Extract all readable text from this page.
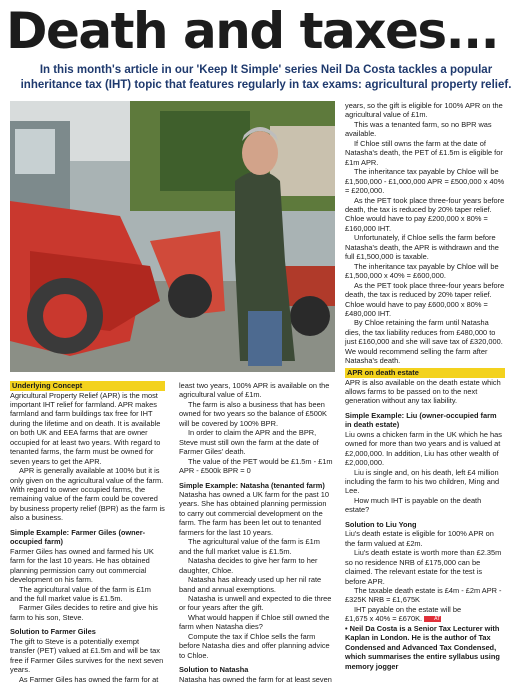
Death and taxes...
In this month's article in our 'Keep It Simple' series Neil Da Costa tackles a popular inheritance tax (IHT) topic that features regularly in tax exams: agricultural property relief.
Underlying Concept

Agricultural Property Relief (APR) is the most important IHT relief for farmland. APR makes farmland and farm buildings tax free for IHT during the lifetime and on death. It is available on both UK and EEA farms that are owner occupied for at least two years. With regard to tenanted farms, the farm must be owned for seven years to get the APR.

APR is generally available at 100% but it is only given on the agricultural value of the farm. With regard to owner occupied farms, the remaining value of the farm could be covered by business property relief (BPR) as the farm is also a business.

Simple Example: Farmer Giles (owner-occupied farm)

Farmer Giles has owned and farmed his UK farm for the last 10 years. He has obtained planning permission carry out commercial development on his farm.

The agricultural value of the farm is £1m and the full market value is £1.5m.

Farmer Giles decides to retire and give his farm to his son, Steve.

Solution to Farmer Giles

The gift to Steve is a potentially exempt transfer (PET) valued at £1.5m and will be tax free if Farmer Giles survives for the next seven years.

As Farmer Giles has owned the farm for at

least two years, 100% APR is available on the agricultural value of £1m.

The farm is also a business that has been owned for two years so the balance of £500K will be covered by 100% BPR.

In order to claim the APR and the BPR, Steve must still own the farm at the date of Farmer Giles' death.

The value of the PET would be £1.5m - £1m APR - £500k BPR = 0

Simple Example: Natasha (tenanted farm)

Natasha has owned a UK farm for the past 10 years. She has obtained planning permission to carry out commercial development on the farm. The farm has been let out to tenanted farmers for the last 10 years.

The agricultural value of the farm is £1m and the full market value is £1.5m.

Natasha decides to give her farm to her daughter, Chloe.

Natasha has already used up her nil rate band and annual exemptions.

Natasha is unwell and expected to die three or four years after the gift.

What would happen if Chloe still owned the farm when Natasha dies?

Compute the tax if Chloe sells the farm before Natasha dies and offer planning advice to Chloe.

Solution to Natasha

Natasha has owned the farm for at least seven

years, so the gift is eligible for 100% APR on the agricultural value of £1m.

This was a tenanted farm, so no BPR was available.

If Chloe still owns the farm at the date of Natasha's death, the PET of £1.5m is eligible for £1m APR.

The inheritance tax payable by Chloe will be £1,500,000 - £1,000,000 APR = £500,000 x 40% = £200,000.

As the PET took place three-four years before death, the tax is reduced by 20% taper relief. Chloe would have to pay £200,000 x 80% = £160,000 IHT.

Unfortunately, if Chloe sells the farm before Natasha's death, the APR is withdrawn and the full £1,500,000 is taxable.

The inheritance tax payable by Chloe will be £1,500,000 x 40% = £600,000.

As the PET took place three-four years before death, the tax is reduced by 20% taper relief. Chloe would have to pay £600,000 x 80% = £480,000 IHT.

By Chloe retaining the farm until Natasha dies, the tax liability reduces from £480,000 to just £160,000 and she will save tax of £320,000. We would recommend selling the farm after Natasha's death.

APR on death estate

APR is also available on the death estate which allows farms to be passed on to the next generation without any tax liability.

Simple Example: Liu (owner-occupied farm in death estate)

Liu owns a chicken farm in the UK which he has owned for more than two years and is valued at £2,000,000. In addition, Liu has other wealth of £2,000,000.

Liu is single and, on his death, left £4 million including the farm to his two children, Ming and Lee.

How much IHT is payable on the death estate?

Solution to Liu Yong

Liu's death estate is eligible for 100% APR on the farm valued at £2m.

Liu's death estate is worth more than £2.35m so no residence NRB of £175,000 can be claimed. The relevant estate for the test is before APR.

The taxable death estate is £4m - £2m APR - £325K NRB = £1,675K

IHT payable on the estate will be
£1,675 x 40% = £670K. AT

• Neil Da Costa is a Senior Tax Lecturer with Kaplan in London. He is the author of Tax Condensed and Advanced Tax Condensed, which summarises the entire syllabus using memory jogger
